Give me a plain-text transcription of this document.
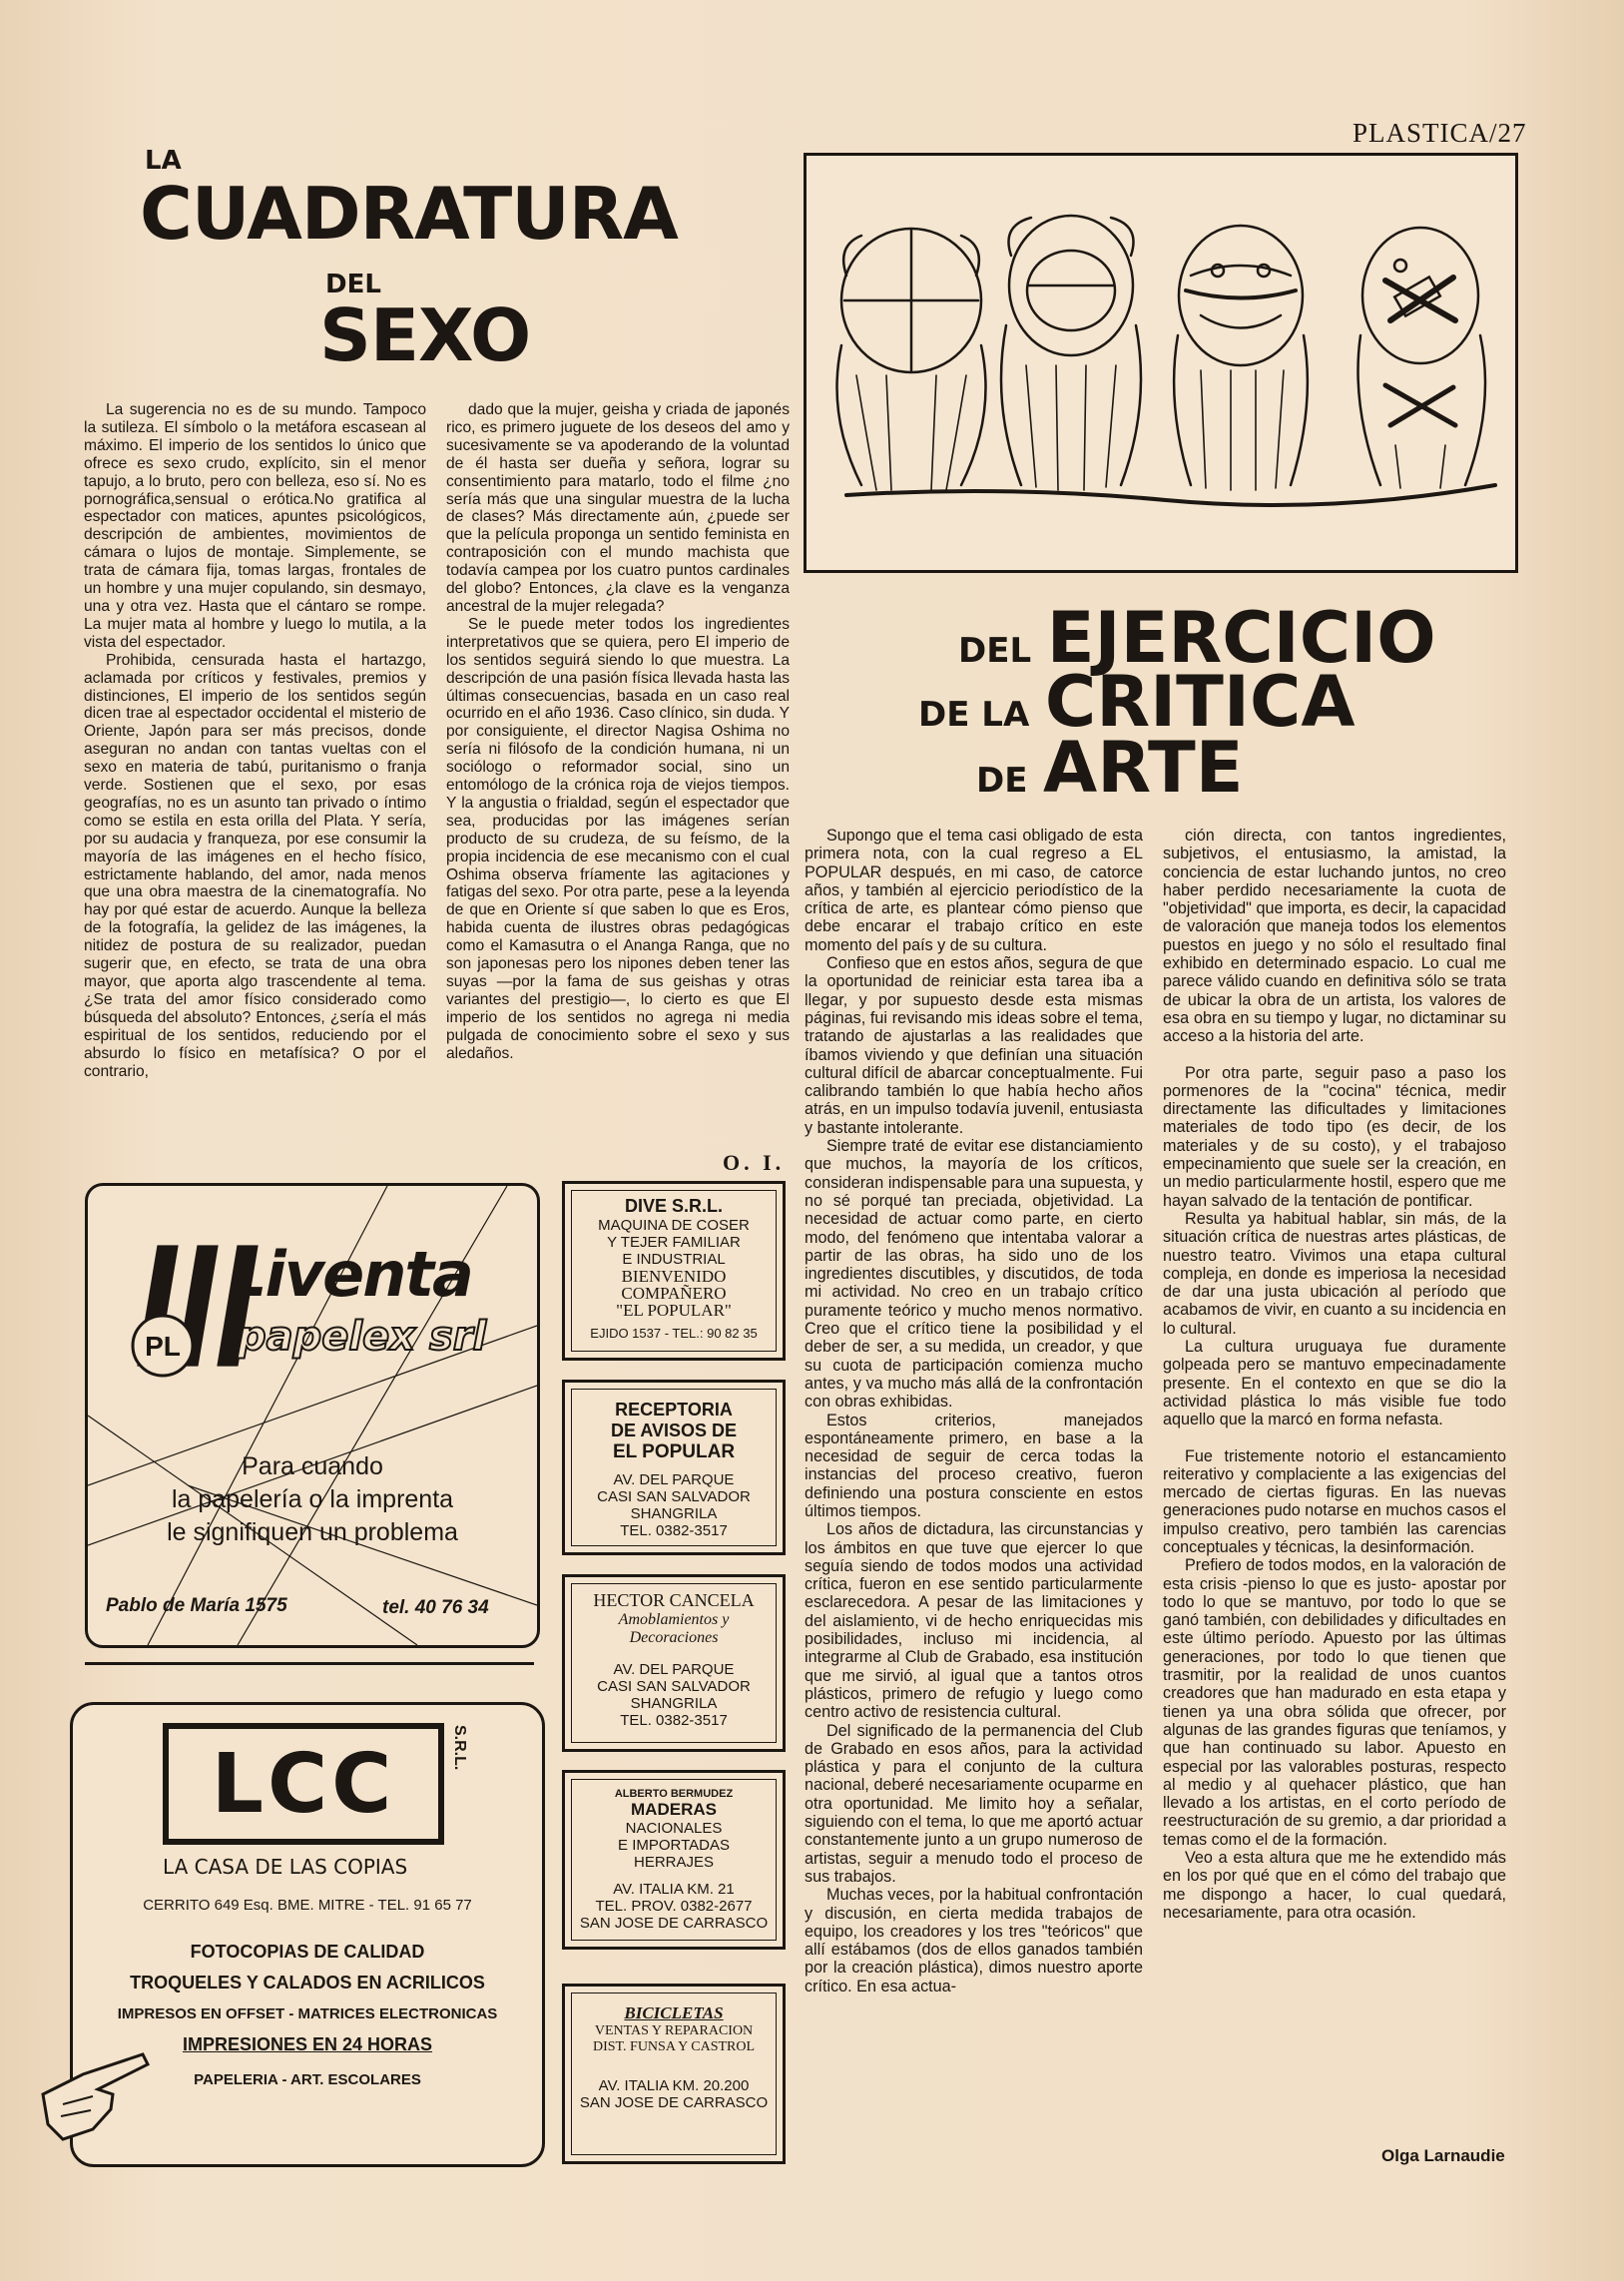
PLASTICA/27
LA
CUADRATURA
DEL
SEXO

La sugerencia no es de su mundo. Tampoco la sutileza. El símbolo o la metáfora escasean al máximo. El imperio de los sentidos lo único que ofrece es sexo crudo, explícito, sin el menor tapujo, a lo bruto, pero con belleza, eso sí. No es pornográfica,sensual o erótica.No gratifica al espectador con matices, apuntes psicológicos, descripción de ambientes, movimientos de cámara o lujos de montaje. Simplemente, se trata de cámara fija, tomas largas, frontales de un hombre y una mujer copulando, sin desmayo, una y otra vez. Hasta que el cántaro se rompe. La mujer mata al hombre y luego lo mutila, a la vista del espectador.

Prohibida, censurada hasta el hartazgo, aclamada por críticos y festivales, premios y distinciones, El imperio de los sentidos según dicen trae al espectador occidental el misterio de Oriente, Japón para ser más precisos, donde aseguran no andan con tantas vueltas con el sexo en materia de tabú, puritanismo o franja verde. Sostienen que el sexo, por esas geografías, no es un asunto tan privado o íntimo como se estila en esta orilla del Plata. Y sería, por su audacia y franqueza, por ese consumir la mayoría de las imágenes en el hecho físico, estrictamente hablando, del amor, nada menos que una obra maestra de la cinematografía. No hay por qué estar de acuerdo. Aunque la belleza de la fotografía, la gelidez de las imágenes, la nitidez de postura de su realizador, puedan sugerir que, en efecto, se trata de una obra mayor, que aporta algo trascendente al tema. ¿Se trata del amor físico considerado como búsqueda del absoluto? Entonces, ¿sería el más espiritual de los sentidos, reduciendo por el absurdo lo físico en metafísica? O por el contrario,

dado que la mujer, geisha y criada de japonés rico, es primero juguete de los deseos del amo y sucesivamente se va apoderando de la voluntad de él hasta ser dueña y señora, lograr su consentimiento para matarlo, todo el filme ¿no sería más que una singular muestra de la lucha de clases? Más directamente aún, ¿puede ser que la película proponga un sentido feminista en contraposición con el mundo machista que todavía campea por los cuatro puntos cardinales del globo? Entonces, ¿la clave es la venganza ancestral de la mujer relegada?

Se le puede meter todos los ingredientes interpretativos que se quiera, pero El imperio de los sentidos seguirá siendo lo que muestra. La descripción de una pasión física llevada hasta las últimas consecuencias, basada en un caso real ocurrido en el año 1936. Caso clínico, sin duda. Y por consiguiente, el director Nagisa Oshima no sería ni filósofo de la condición humana, ni un sociólogo o reformador social, sino un entomólogo de la crónica roja de viejos tiempos. Y la angustia o frialdad, según el espectador que sea, producidas por las imágenes serían producto de su crudeza, de su feísmo, de la propia incidencia de ese mecanismo con el cual Oshima observa fríamente las agitaciones y fatigas del sexo. Por otra parte, pese a la leyenda de que en Oriente sí que saben lo que es Eros, habida cuenta de ilustres obras pedagógicas como el Kamasutra o el Ananga Ranga, que no son japonesas pero los nipones deben tener las suyas —por la fama de sus geishas y otras variantes del prestigio—, lo cierto es que El imperio de los sentidos no agrega ni media pulgada de conocimiento sobre el sexo y sus aledaños.

O. I.
DEL EJERCICIO
DE LA CRITICA
DE ARTE

Supongo que el tema casi obligado de esta primera nota, con la cual regreso a EL POPULAR después, en mi caso, de catorce años, y también al ejercicio periodístico de la crítica de arte, es plantear cómo pienso que debe encarar el trabajo crítico en este momento del país y de su cultura.

Confieso que en estos años, segura de que la oportunidad de reiniciar esta tarea iba a llegar, y por supuesto desde esta mismas páginas, fui revisando mis ideas sobre el tema, tratando de ajustarlas a las realidades que íbamos viviendo y que definían una situación cultural difícil de abarcar conceptualmente. Fui calibrando también lo que había hecho años atrás, en un impulso todavía juvenil, entusiasta y bastante intolerante.

Siempre traté de evitar ese distanciamiento que muchos, la mayoría de los críticos, consideran indispensable para una supuesta, y no sé porqué tan preciada, objetividad. La necesidad de actuar como parte, en cierto modo, del fenómeno que intentaba valorar a partir de las obras, ha sido uno de los ingredientes discutibles, y discutidos, de toda mi actividad. No creo en un trabajo crítico puramente teórico y mucho menos normativo. Creo que el crítico tiene la posibilidad y el deber de ser, a su medida, un creador, y que su cuota de participación comienza mucho antes, y va mucho más allá de la confrontación con obras exhibidas.

Estos criterios, manejados espontáneamente primero, en base a la necesidad de seguir de cerca todas la instancias del proceso creativo, fueron definiendo una postura consciente en estos últimos tiempos.

Los años de dictadura, las circunstancias y los ámbitos en que tuve que ejercer lo que seguía siendo de todos modos una actividad crítica, fueron en ese sentido particularmente esclarecedora. A pesar de las limitaciones y del aislamiento, vi de hecho enriquecidas mis posibilidades, incluso mi incidencia, al integrarme al Club de Grabado, esa institución que me sirvió, al igual que a tantos otros plásticos, primero de refugio y luego como centro activo de resistencia cultural.

Del significado de la permanencia del Club de Grabado en esos años, para la actividad plástica y para el conjunto de la cultura nacional, deberé necesariamente ocuparme en otra oportunidad. Me limito hoy a señalar, siguiendo con el tema, lo que me aportó actuar constantemente junto a un grupo numeroso de artistas, seguir a menudo todo el proceso de sus trabajos.

Muchas veces, por la habitual confrontación y discusión, en cierta medida trabajos de equipo, los creadores y los tres "teóricos" que allí estábamos (dos de ellos ganados también por la creación plástica), dimos nuestro aporte crítico. En esa actua-

ción directa, con tantos ingredientes, subjetivos, el entusiasmo, la amistad, la conciencia de estar luchando juntos, no creo haber perdido necesariamente la cuota de "objetividad" que importa, es decir, la capacidad de valoración que maneja todos los elementos puestos en juego y no sólo el resultado final exhibido en determinado espacio. Lo cual me parece válido cuando en definitiva sólo se trata de ubicar la obra de un artista, los valores de esa obra en su tiempo y lugar, no dictaminar su acceso a la historia del arte.

Por otra parte, seguir paso a paso los pormenores de la "cocina" técnica, medir directamente las dificultades y limitaciones materiales de todo tipo (es decir, de los materiales y de su costo), y el trabajoso empecinamiento que suele ser la creación, en un medio particularmente hostil, espero que me hayan salvado de la tentación de pontificar.

Resulta ya habitual hablar, sin más, de la situación crítica de nuestras artes plásticas, de nuestro teatro. Vivimos una etapa cultural compleja, en donde es imperiosa la necesidad de dar una justa ubicación al período que acabamos de vivir, en cuanto a su incidencia en lo cultural.

La cultura uruguaya fue duramente golpeada pero se mantuvo empecinadamente presente. En el contexto en que se dio la actividad plástica lo más visible fue todo aquello que la marcó en forma nefasta.

Fue tristemente notorio el estancamiento reiterativo y complaciente a las exigencias del mercado de ciertas figuras. En las nuevas generaciones pudo notarse en muchos casos el impulso creativo, pero también las carencias conceptuales y técnicas, la desinformación.

Prefiero de todos modos, en la valoración de esta crisis -pienso lo que es justo- apostar por todo lo que se mantuvo, por todo lo que se ganó también, con debilidades y dificultades en este último período. Apuesto por las últimas generaciones, por todo lo que tienen que trasmitir, por la realidad de unos cuantos creadores que han madurado en esta etapa y tienen ya una obra sólida que ofrecer, por algunas de las grandes figuras que teníamos, y que han continuado su labor. Apuesto en especial por las valorables posturas, respecto al medio y al quehacer plástico, que han llevado a los artistas, en el corto período de reestructuración de su gremio, a dar prioridad a temas como el de la formación.

Veo a esta altura que me he extendido más en los por qué que en el cómo del trabajo que me dispongo a hacer, lo cual quedará, necesariamente, para otra ocasión.

Olga Larnaudie
PL
Liventa
papelex srl
Para cuando
la papelería o la imprenta
le signifiquen un problema
Pablo de María 1575	tel. 40 76 34
LCC	S.R.L.
LA CASA DE LAS COPIAS
CERRITO 649 Esq. BME. MITRE - TEL. 91 65 77
FOTOCOPIAS DE CALIDAD
TROQUELES Y CALADOS EN ACRILICOS
IMPRESOS EN OFFSET - MATRICES ELECTRONICAS
IMPRESIONES EN 24 HORAS
PAPELERIA - ART. ESCOLARES
DIVE S.R.L.
MAQUINA DE COSER
Y TEJER FAMILIAR
E INDUSTRIAL
BIENVENIDO
COMPAÑERO
"EL POPULAR"
EJIDO 1537 - TEL.: 90 82 35
RECEPTORIA
DE AVISOS DE
EL POPULAR
AV. DEL PARQUE
CASI SAN SALVADOR
SHANGRILA
TEL. 0382-3517
HECTOR CANCELA
Amoblamientos y
Decoraciones
AV. DEL PARQUE
CASI SAN SALVADOR
SHANGRILA
TEL. 0382-3517
ALBERTO BERMUDEZ
MADERAS
NACIONALES
E IMPORTADAS
HERRAJES
AV. ITALIA KM. 21
TEL. PROV. 0382-2677
SAN JOSE DE CARRASCO
BICICLETAS
VENTAS Y REPARACION
DIST. FUNSA Y CASTROL
AV. ITALIA KM. 20.200
SAN JOSE DE CARRASCO
